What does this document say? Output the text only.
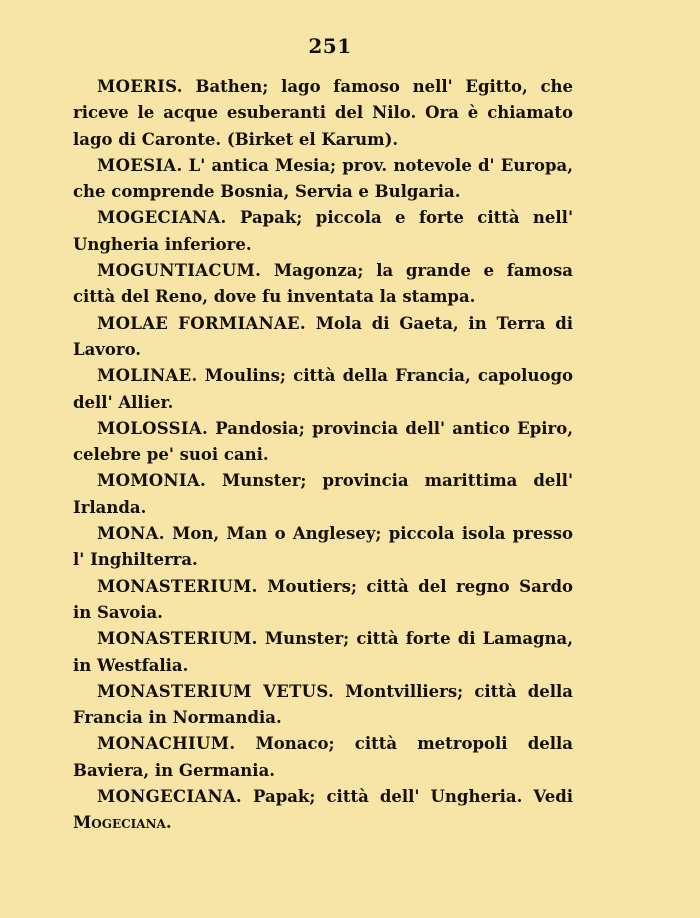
251

MOERIS. Bathen; lago famoso nell' Egitto, che riceve le acque esuberanti del Nilo. Ora è chiamato lago di Caronte. (Birket el Karum).

MOESIA. L' antica Mesia; prov. notevole d' Europa, che comprende Bosnia, Servia e Bulgaria.

MOGECIANA. Papak; piccola e forte città nell' Ungheria inferiore.

MOGUNTIACUM. Magonza; la grande e famosa città del Reno, dove fu inventata la stampa.

MOLAE FORMIANAE. Mola di Gaeta, in Terra di Lavoro.

MOLINAE. Moulins; città della Francia, capoluogo dell' Allier.

MOLOSSIA. Pandosia; provincia dell' antico Epiro, celebre pe' suoi cani.

MOMONIA. Munster; provincia marittima dell' Irlanda.

MONA. Mon, Man o Anglesey; piccola isola presso l' Inghilterra.

MONASTERIUM. Moutiers; città del regno Sardo in Savoia.

MONASTERIUM. Munster; città forte di Lamagna, in Westfalia.

MONASTERIUM VETUS. Montvilliers; città della Francia in Normandia.

MONACHIUM. Monaco; città metropoli della Baviera, in Germania.

MONGECIANA. Papak; città dell' Ungheria. Vedi Mogeciana.
